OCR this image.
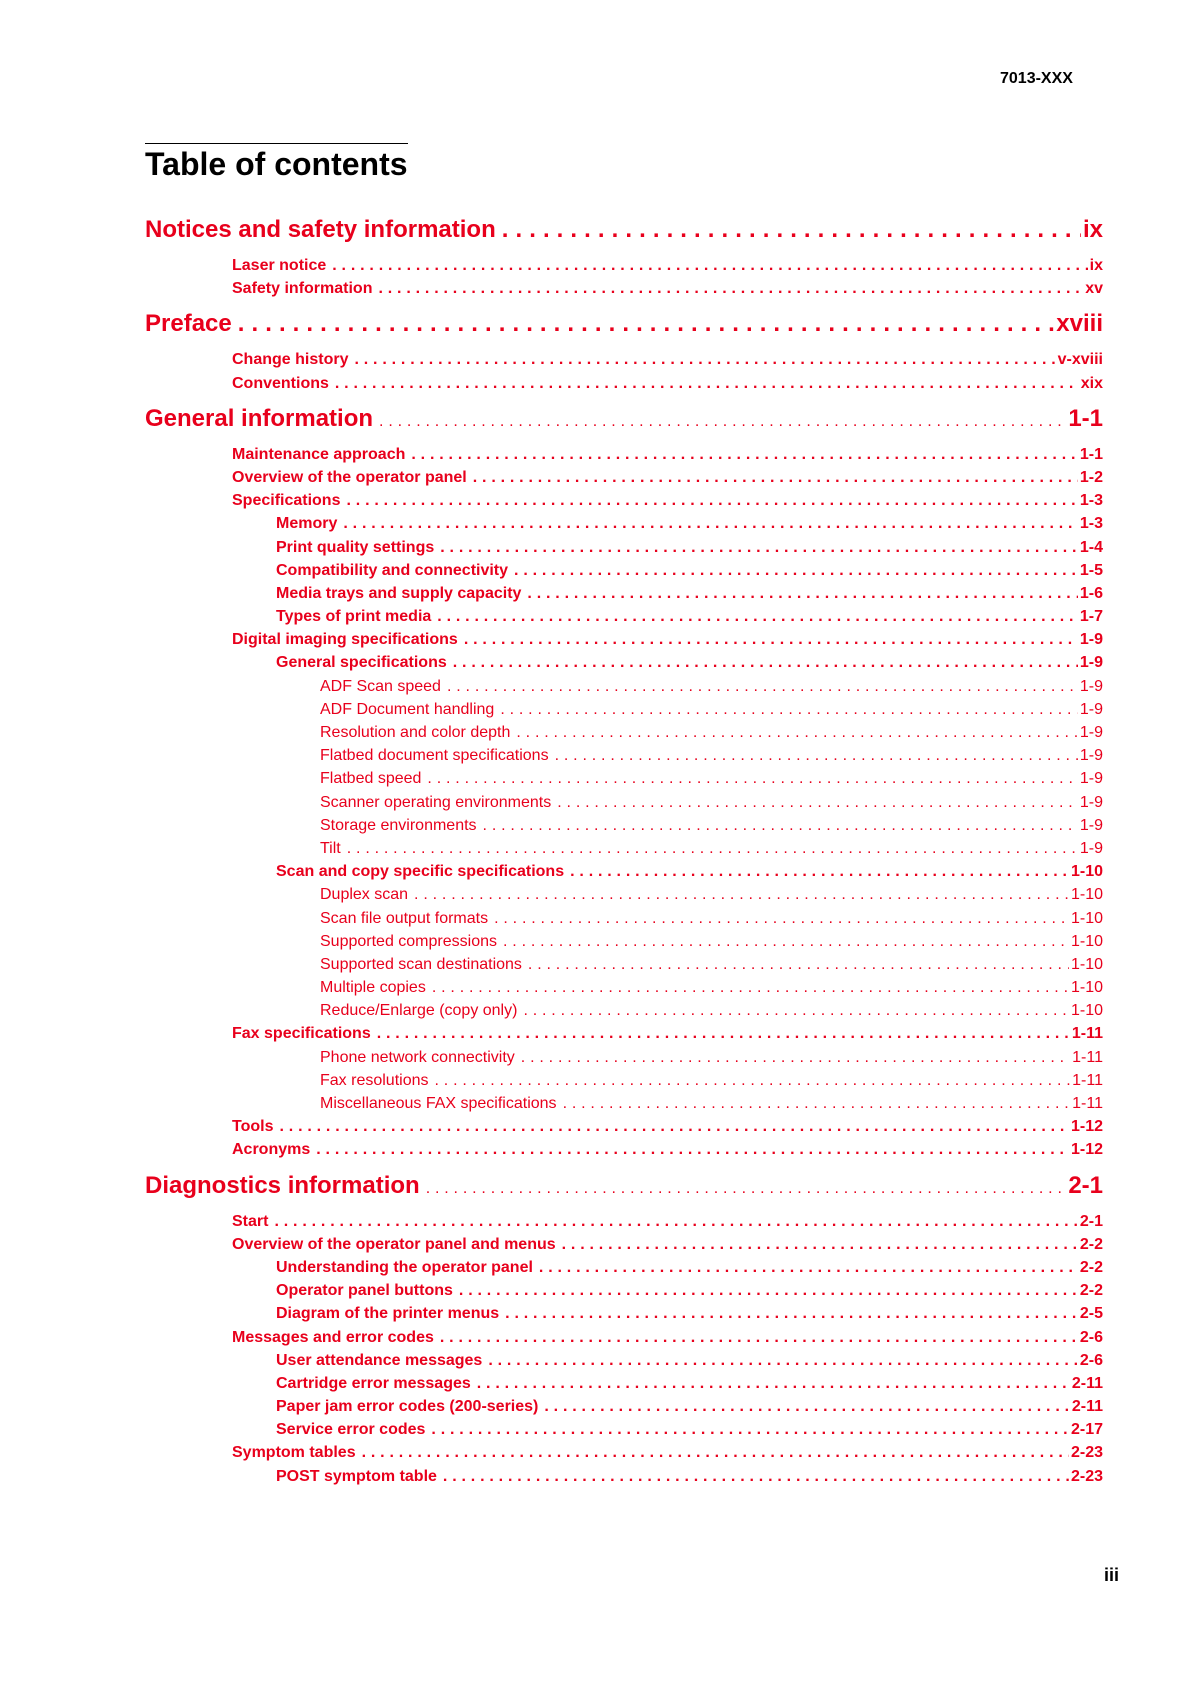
7013-XXX
Table of contents
Notices and safety information . . .	ix
Laser notice . . .	ix
Safety information . . .	xv
Preface . . .	xviii
Change history . . .	v-xviii
Conventions . . .	xix
General information . . .	1-1
Maintenance approach . . .	1-1
Overview of the operator panel . . .	1-2
Specifications . . .	1-3
Memory . . .	1-3
Print quality settings . . .	1-4
Compatibility and connectivity . . .	1-5
Media trays and supply capacity . . .	1-6
Types of print media . . .	1-7
Digital imaging specifications . . .	1-9
General specifications . . .	1-9
ADF Scan speed . . .	1-9
ADF Document handling . . .	1-9
Resolution and color depth . . .	1-9
Flatbed document specifications . . .	1-9
Flatbed speed . . .	1-9
Scanner operating environments . . .	1-9
Storage environments . . .	1-9
Tilt . . .	1-9
Scan and copy specific specifications . . .	1-10
Duplex scan . . .	1-10
Scan file output formats . . .	1-10
Supported compressions . . .	1-10
Supported scan destinations . . .	1-10
Multiple copies . . .	1-10
Reduce/Enlarge (copy only) . . .	1-10
Fax specifications . . .	1-11
Phone network connectivity . . .	1-11
Fax resolutions . . .	1-11
Miscellaneous FAX specifications . . .	1-11
Tools . . .	1-12
Acronyms . . .	1-12
Diagnostics information . . .	2-1
Start . . .	2-1
Overview of the operator panel and menus . . .	2-2
Understanding the operator panel . . .	2-2
Operator panel buttons . . .	2-2
Diagram of the printer menus . . .	2-5
Messages and error codes . . .	2-6
User attendance messages . . .	2-6
Cartridge error messages . . .	2-11
Paper jam error codes (200-series) . . .	2-11
Service error codes . . .	2-17
Symptom tables . . .	2-23
POST symptom table . . .	2-23
iii
